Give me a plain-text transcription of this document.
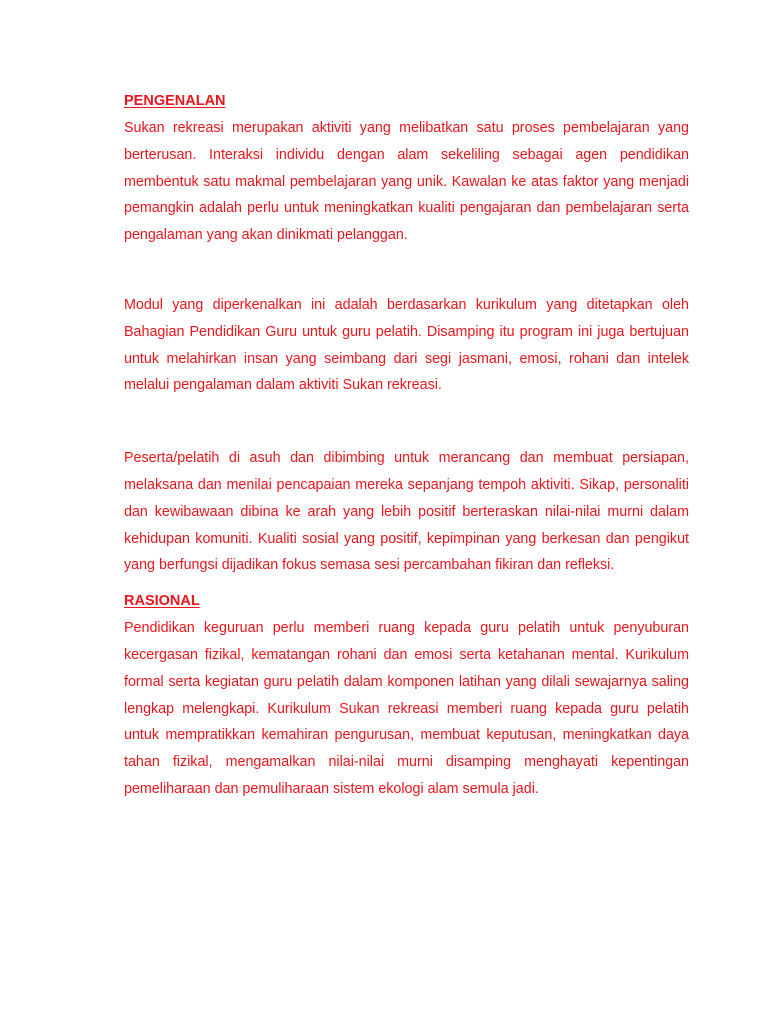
PENGENALAN

Sukan rekreasi merupakan aktiviti yang melibatkan satu proses pembelajaran yang berterusan. Interaksi individu dengan alam sekeliling sebagai agen pendidikan membentuk satu makmal pembelajaran yang unik. Kawalan ke atas faktor yang menjadi pemangkin adalah perlu untuk meningkatkan kualiti pengajaran dan pembelajaran serta pengalaman yang akan dinikmati pelanggan.

Modul yang diperkenalkan ini adalah berdasarkan kurikulum yang ditetapkan oleh Bahagian Pendidikan Guru untuk guru pelatih. Disamping itu program ini juga bertujuan untuk melahirkan insan yang seimbang dari segi jasmani, emosi, rohani dan intelek melalui pengalaman dalam aktiviti Sukan rekreasi.

Peserta/pelatih di asuh dan dibimbing untuk merancang dan membuat persiapan, melaksana dan menilai pencapaian mereka sepanjang tempoh aktiviti. Sikap, personaliti dan kewibawaan dibina ke arah yang lebih positif berteraskan nilai-nilai murni dalam kehidupan komuniti. Kualiti sosial yang positif, kepimpinan yang berkesan dan pengikut yang berfungsi dijadikan fokus semasa sesi percambahan fikiran dan refleksi.

RASIONAL

Pendidikan keguruan perlu memberi ruang kepada guru pelatih untuk penyuburan kecergasan fizikal, kematangan rohani dan emosi serta ketahanan mental. Kurikulum formal serta kegiatan guru pelatih dalam komponen latihan yang dilali sewajarnya saling lengkap melengkapi. Kurikulum Sukan rekreasi memberi ruang kepada guru pelatih untuk mempratikkan kemahiran pengurusan, membuat keputusan, meningkatkan daya tahan fizikal, mengamalkan nilai-nilai murni disamping menghayati kepentingan pemeliharaan dan pemuliharaan sistem ekologi alam semula jadi.
